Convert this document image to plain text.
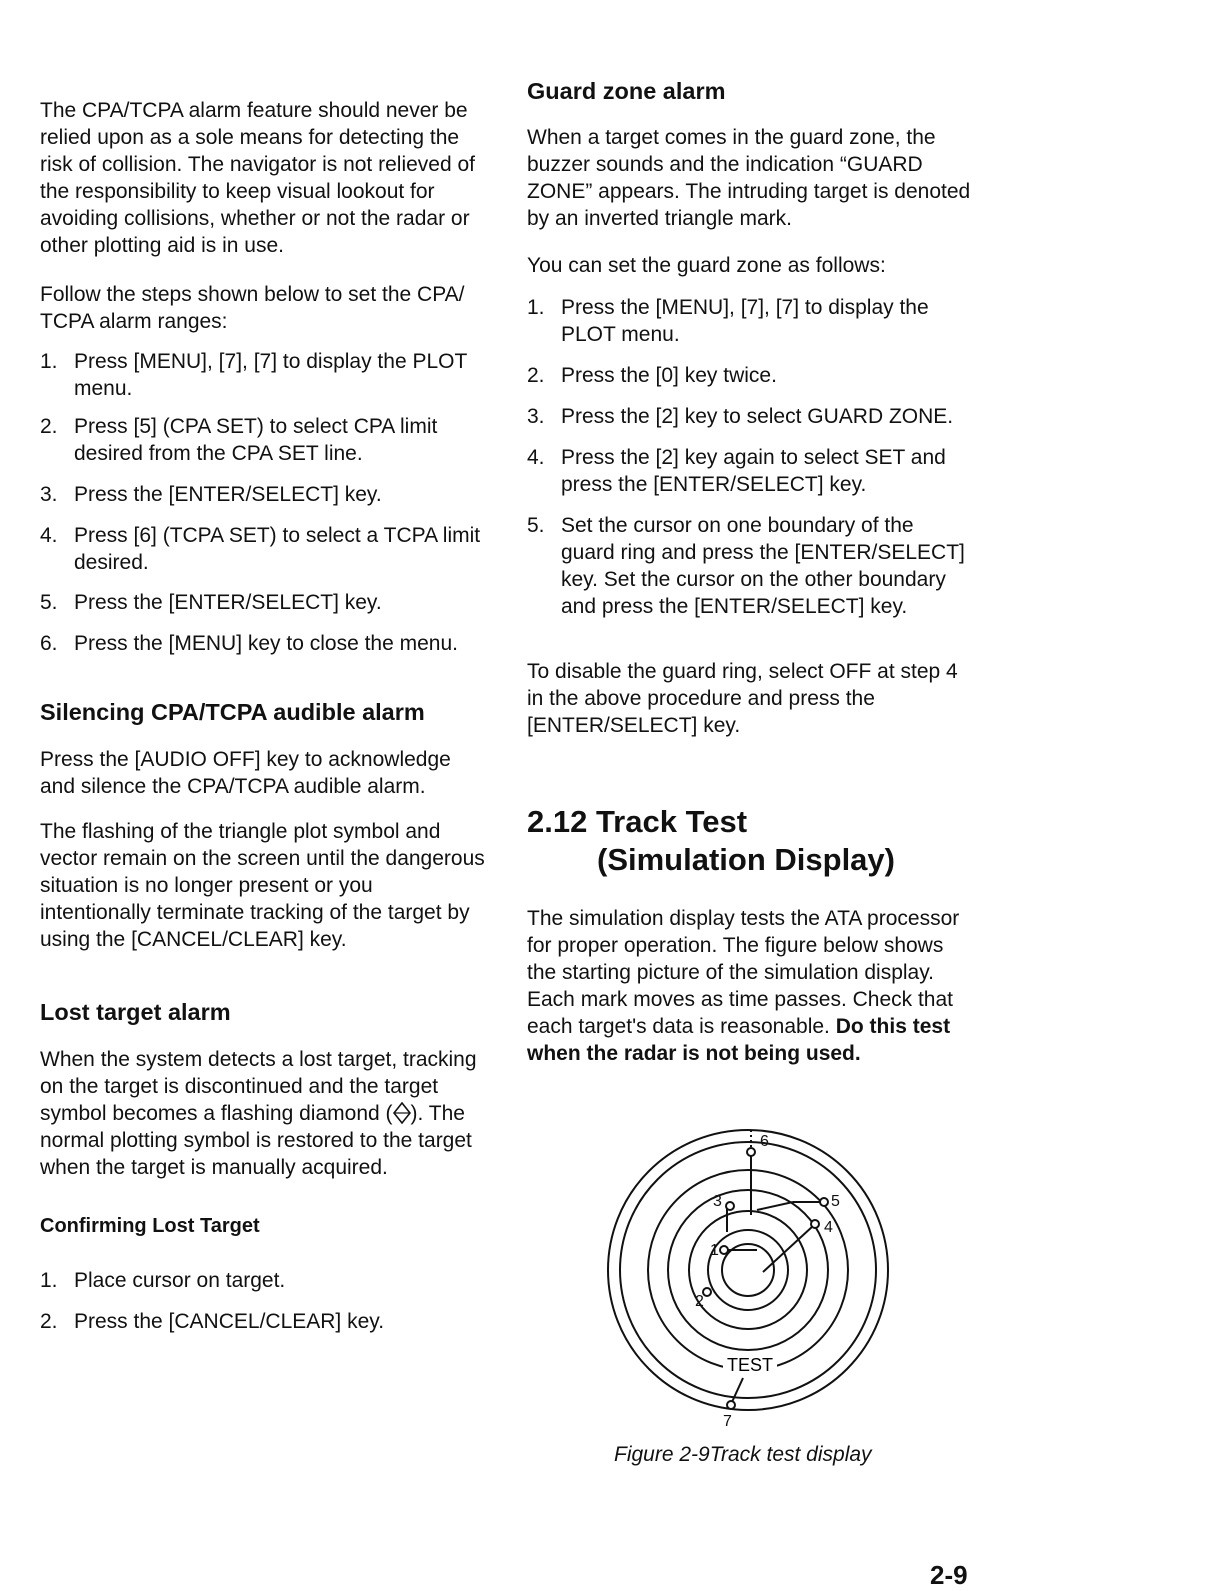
The CPA/TCPA alarm feature should never be relied upon as a sole means for detecting the risk of collision. The navigator is not relieved of the responsibility to keep visual lookout for avoiding collisions, whether or not the radar or other plotting aid is in use.

Follow the steps shown below to set the CPA/ TCPA alarm ranges:

1. Press [MENU], [7], [7] to display the PLOT menu.
2. Press [5] (CPA SET) to select CPA limit desired from the CPA SET line.
3. Press the [ENTER/SELECT] key.
4. Press [6] (TCPA SET) to select a TCPA limit desired.
5. Press the [ENTER/SELECT] key.
6. Press the [MENU] key to close the menu.
Silencing CPA/TCPA audible alarm

Press the [AUDIO OFF] key to acknowledge and silence the CPA/TCPA audible alarm.

The flashing of the triangle plot symbol and vector remain on the screen until the dangerous situation is no longer present or you intentionally terminate tracking of the target by using the [CANCEL/CLEAR] key.

Lost target alarm

When the system detects a lost target, tracking on the target is discontinued and the target symbol becomes a flashing diamond ( ). The normal plotting symbol is restored to the target when the target is manually acquired.

Confirming Lost Target
1. Place cursor on target.
2. Press the [CANCEL/CLEAR] key.
Guard zone alarm

When a target comes in the guard zone, the buzzer sounds and the indication “GUARD ZONE” appears. The intruding target is denoted by an inverted triangle mark.

You can set the guard zone as follows:

1. Press the [MENU], [7], [7] to display the PLOT menu.
2. Press the [0] key twice.
3. Press the [2] key to select GUARD ZONE.
4. Press the [2] key again to select SET and press the [ENTER/SELECT] key.
5. Set the cursor on one boundary of the guard ring and press the [ENTER/SELECT] key. Set the cursor on the other boundary and press the [ENTER/SELECT] key.

To disable the guard ring, select OFF at step 4 in the above procedure and press the [ENTER/SELECT] key.

2.12 Track Test
(Simulation Display)

The simulation display tests the ATA processor for proper operation. The figure below shows the starting picture of the simulation display. Each mark moves as time passes. Check that each target's data is reasonable. Do this test when the radar is not being used.

TEST
1
2
3
4
5
6
7
Figure 2-9Track test display
2-9
